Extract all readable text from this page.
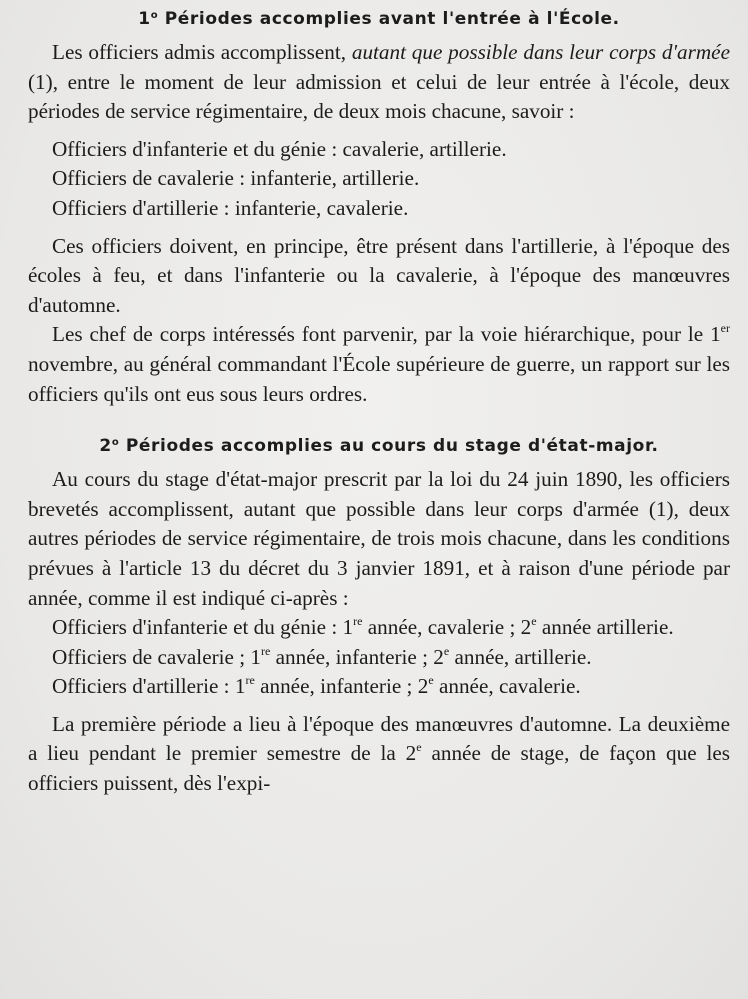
1$^o$ Périodes accomplies avant l'entrée à l'École.

Les officiers admis accomplissent, autant que possible dans leur corps d'armée (1), entre le moment de leur admission et celui de leur entrée à l'école, deux périodes de service régimentaire, de deux mois chacune, savoir :

Officiers d'infanterie et du génie : cavalerie, artillerie.

Officiers de cavalerie : infanterie, artillerie.

Officiers d'artillerie : infanterie, cavalerie.

Ces officiers doivent, en principe, être présent dans l'artillerie, à l'époque des écoles à feu, et dans l'infanterie ou la cavalerie, à l'époque des manœuvres d'automne.

Les chef de corps intéressés font parvenir, par la voie hiérarchique, pour le 1er novembre, au général commandant l'École supérieure de guerre, un rapport sur les officiers qu'ils ont eus sous leurs ordres.

2$^o$ Périodes accomplies au cours du stage d'état-major.

Au cours du stage d'état-major prescrit par la loi du 24 juin 1890, les officiers brevetés accomplissent, autant que possible dans leur corps d'armée (1), deux autres périodes de service régimentaire, de trois mois chacune, dans les conditions prévues à l'article 13 du décret du 3 janvier 1891, et à raison d'une période par année, comme il est indiqué ci-après :

Officiers d'infanterie et du génie : 1re année, cavalerie ; 2e année artillerie.

Officiers de cavalerie ; 1re année, infanterie ; 2e année, artillerie.

Officiers d'artillerie : 1re année, infanterie ; 2e année, cavalerie.

La première période a lieu à l'époque des manœuvres d'automne. La deuxième a lieu pendant le premier semestre de la 2e année de stage, de façon que les officiers puissent, dès l'expi-
